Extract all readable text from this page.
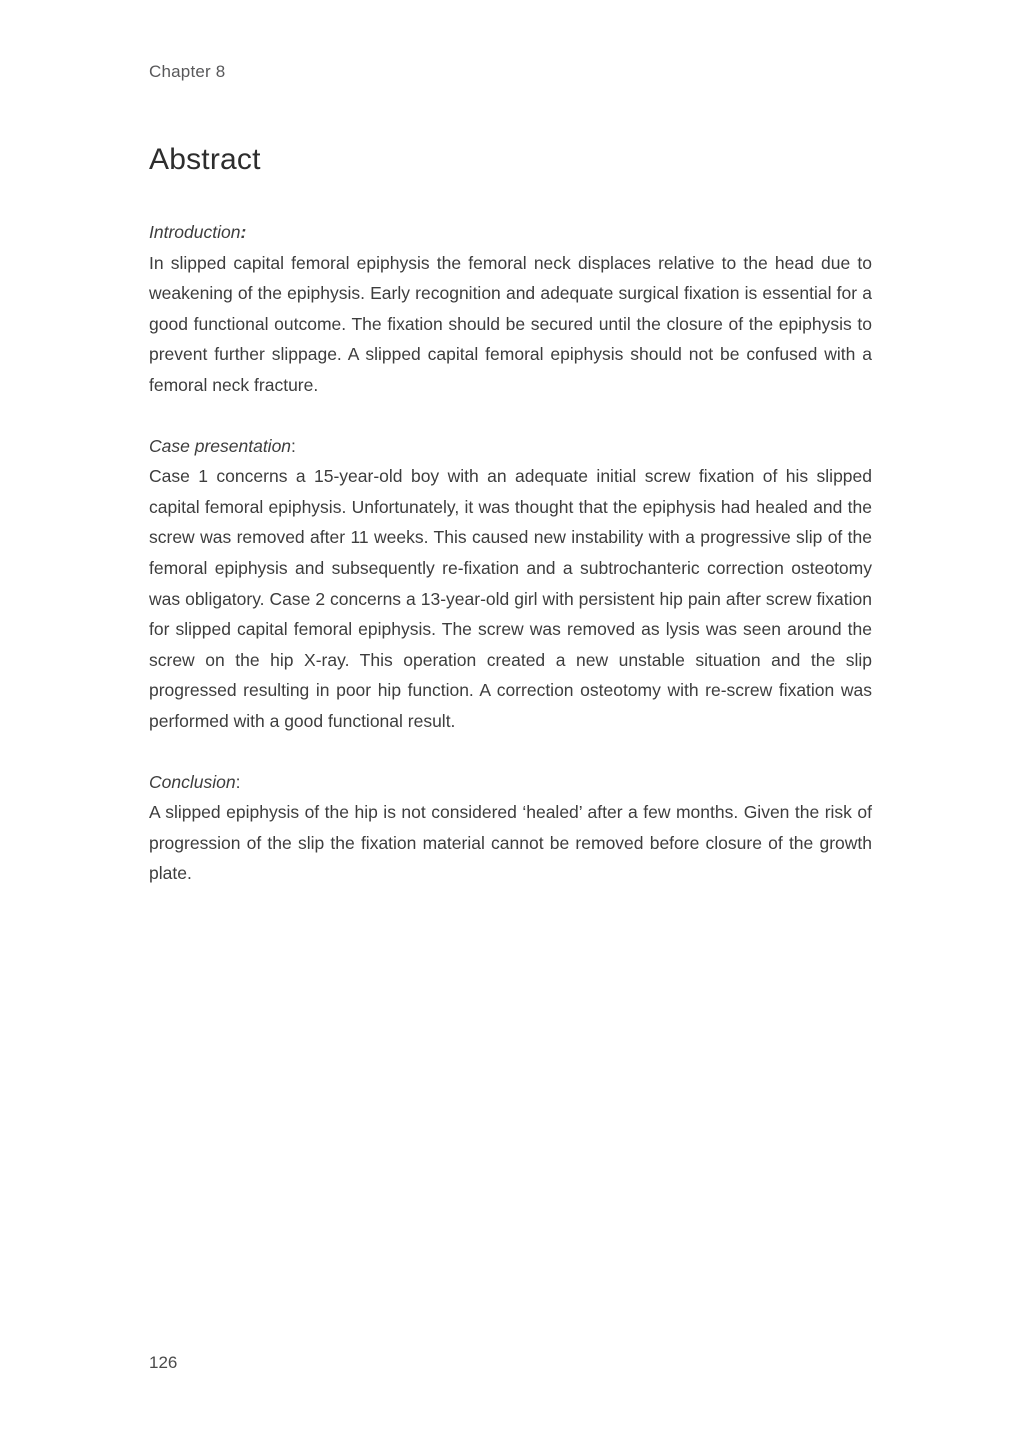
Chapter 8
Abstract
Introduction:
In slipped capital femoral epiphysis the femoral neck displaces relative to the head due to weakening of the epiphysis. Early recognition and adequate surgical fixation is essential for a good functional outcome. The fixation should be secured until the closure of the epiphysis to prevent further slippage. A slipped capital femoral epiphysis should not be confused with a femoral neck fracture.
Case presentation:
Case 1 concerns a 15-year-old boy with an adequate initial screw fixation of his slipped capital femoral epiphysis. Unfortunately, it was thought that the epiphysis had healed and the screw was removed after 11 weeks. This caused new instability with a progressive slip of the femoral epiphysis and subsequently re-fixation and a subtrochanteric correction osteotomy was obligatory. Case 2 concerns a 13-year-old girl with persistent hip pain after screw fixation for slipped capital femoral epiphysis. The screw was removed as lysis was seen around the screw on the hip X-ray. This operation created a new unstable situation and the slip progressed resulting in poor hip function. A correction osteotomy with re-screw fixation was performed with a good functional result.
Conclusion:
A slipped epiphysis of the hip is not considered ‘healed’ after a few months. Given the risk of progression of the slip the fixation material cannot be removed before closure of the growth plate.
126
